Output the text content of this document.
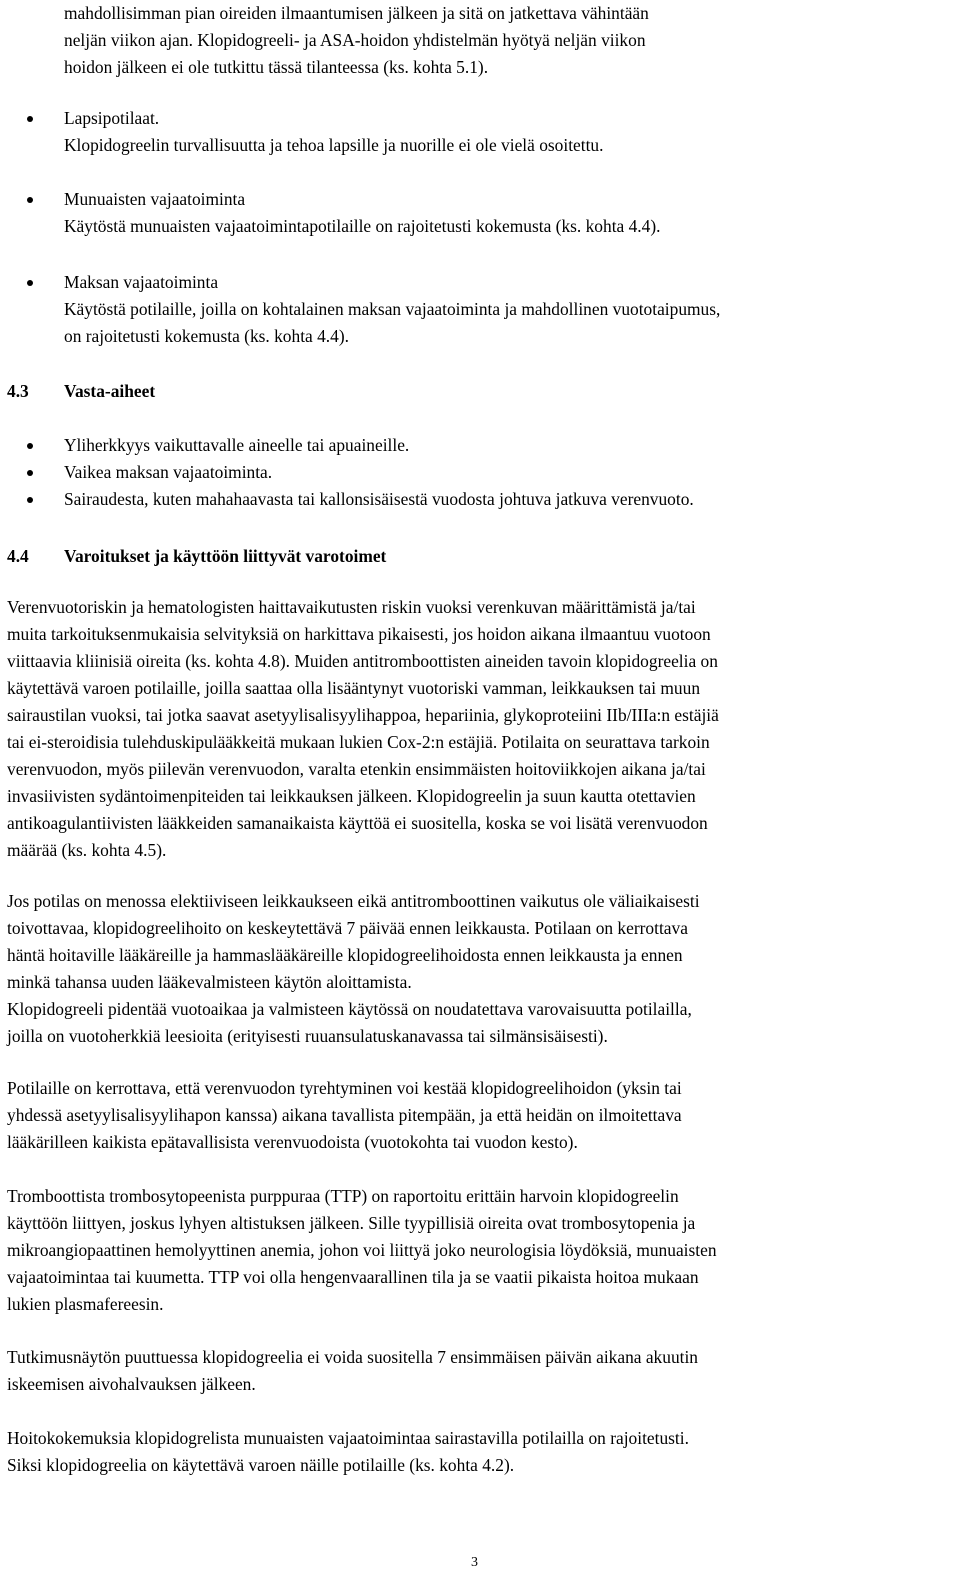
mahdollisimman pian oireiden ilmaantumisen jälkeen ja sitä on jatkettava vähintään
neljän viikon ajan. Klopidogreeli- ja ASA-hoidon yhdistelmän hyötyä neljän viikon
hoidon jälkeen ei ole tutkittu tässä tilanteessa (ks. kohta 5.1).
Lapsipotilaat.
Klopidogreelin turvallisuutta ja tehoa lapsille ja nuorille ei ole vielä osoitettu.
Munuaisten vajaatoiminta
Käytöstä munuaisten vajaatoimintapotilaille on rajoitetusti kokemusta (ks. kohta 4.4).
Maksan vajaatoiminta
Käytöstä potilaille, joilla on kohtalainen maksan vajaatoiminta ja mahdollinen vuototaipumus,
on rajoitetusti kokemusta (ks. kohta 4.4).
4.3 Vasta-aiheet
Yliherkkyys vaikuttavalle aineelle tai apuaineille.
Vaikea maksan vajaatoiminta.
Sairaudesta, kuten mahahaavasta tai kallonsisäisestä vuodosta johtuva jatkuva verenvuoto.
4.4 Varoitukset ja käyttöön liittyvät varotoimet
Verenvuotoriskin ja hematologisten haittavaikutusten riskin vuoksi verenkuvan määrittämistä ja/tai
muita tarkoituksenmukaisia selvityksiä on harkittava pikaisesti, jos hoidon aikana ilmaantuu vuotoon
viittaavia kliinisiä oireita (ks. kohta 4.8). Muiden antitromboottisten aineiden tavoin klopidogreelia on
käytettävä varoen potilaille, joilla saattaa olla lisääntynyt vuotoriski vamman, leikkauksen tai muun
sairaustilan vuoksi, tai jotka saavat asetyylisalisyylihappoa, hepariinia, glykoproteiini IIb/IIIa:n estäjiä
tai ei-steroidisia tulehduskipulääkkeitä mukaan lukien Cox-2:n estäjiä. Potilaita on seurattava tarkoin
verenvuodon, myös piilevän verenvuodon, varalta etenkin ensimmäisten hoitoviikkojen aikana ja/tai
invasiivisten sydäntoimenpiteiden tai leikkauksen jälkeen. Klopidogreelin ja suun kautta otettavien
antikoagulantiivisten lääkkeiden samanaikaista käyttöä ei suositella, koska se voi lisätä verenvuodon
määrää (ks. kohta 4.5).
Jos potilas on menossa elektiiviseen leikkaukseen eikä antitromboottinen vaikutus ole väliaikaisesti
toivottavaa, klopidogreelihoito on keskeytettävä 7 päivää ennen leikkausta. Potilaan on kerrottava
häntä hoitaville lääkäreille ja hammaslääkäreille klopidogreelihoidosta ennen leikkausta ja ennen
minkä tahansa uuden lääkevalmisteen käytön aloittamista.
Klopidogreeli pidentää vuotoaikaa ja valmisteen käytössä on noudatettava varovaisuutta potilailla,
joilla on vuotoherkkiä leesioita (erityisesti ruuansulatuskanavassa tai silmänsisäisesti).
Potilaille on kerrottava, että verenvuodon tyrehtyminen voi kestää klopidogreelihoidon (yksin tai
yhdessä asetyylisalisyylihapon kanssa) aikana tavallista pitempään, ja että heidän on ilmoitettava
lääkärilleen kaikista epätavallisista verenvuodoista (vuotokohta tai vuodon kesto).
Tromboottista trombosytopeenista purppuraa (TTP) on raportoitu erittäin harvoin klopidogreelin
käyttöön liittyen, joskus lyhyen altistuksen jälkeen. Sille tyypillisiä oireita ovat trombosytopenia ja
mikroangiopaattinen hemolyyttinen anemia, johon voi liittyä joko neurologisia löydöksiä, munuaisten
vajaatoimintaa tai kuumetta. TTP voi olla hengenvaarallinen tila ja se vaatii pikaista hoitoa mukaan
lukien plasmafereesin.
Tutkimusnäytön puuttuessa klopidogreelia ei voida suositella 7 ensimmäisen päivän aikana akuutin
iskeemisen aivohalvauksen jälkeen.
Hoitokokemuksia klopidogrelista munuaisten vajaatoimintaa sairastavilla potilailla on rajoitetusti.
Siksi klopidogreelia on käytettävä varoen näille potilaille (ks. kohta 4.2).
3
